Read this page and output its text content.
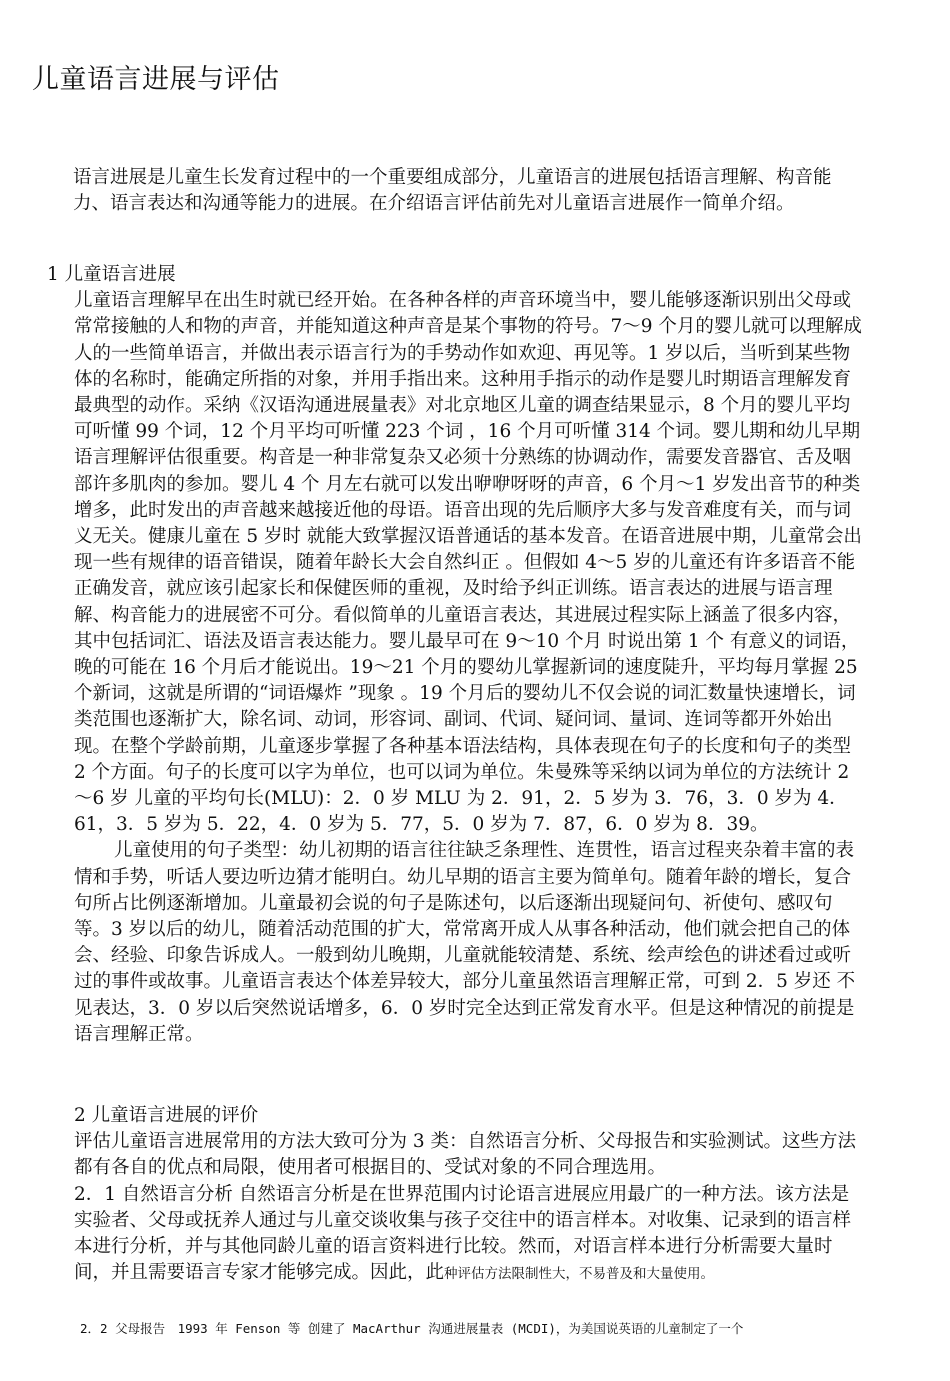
儿童语言进展与评估

语言进展是儿童生长发育过程中的一个重要组成部分，儿童语言的进展包括语言理解、构音能力、语言表达和沟通等能力的进展。在介绍语言评估前先对儿童语言进展作一简单介绍。

1 儿童语言进展

儿童语言理解早在出生时就已经开始。在各种各样的声音环境当中，婴儿能够逐渐识别出父母或常常接触的人和物的声音，并能知道这种声音是某个事物的符号。7～9 个月的婴儿就可以理解成人的一些简单语言，并做出表示语言行为的手势动作如欢迎、再见等。1 岁以后，当听到某些物体的名称时，能确定所指的对象，并用手指出来。这种用手指示的动作是婴儿时期语言理解发育最典型的动作。采纳《汉语沟通进展量表》对北京地区儿童的调查结果显示，8 个月的婴儿平均可听懂 99 个词，12 个月平均可听懂 223 个词 ，16 个月可听懂 314 个词。婴儿期和幼儿早期语言理解评估很重要。构音是一种非常复杂又必须十分熟练的协调动作，需要发音器官、舌及咽部许多肌肉的参加。婴儿 4 个 月左右就可以发出咿咿呀呀的声音，6 个月～1 岁发出音节的种类增多，此时发出的声音越来越接近他的母语。语音出现的先后顺序大多与发音难度有关，而与词义无关。健康儿童在 5 岁时 就能大致掌握汉语普通话的基本发音。在语音进展中期，儿童常会出现一些有规律的语音错误，随着年龄长大会自然纠正 。但假如 4～5 岁的儿童还有许多语音不能正确发音，就应该引起家长和保健医师的重视，及时给予纠正训练。语言表达的进展与语言理解、构音能力的进展密不可分。看似简单的儿童语言表达，其进展过程实际上涵盖了很多内容，其中包括词汇、语法及语言表达能力。婴儿最早可在 9～10 个月 时说出第 1 个 有意义的词语，晚的可能在 16 个月后才能说出。19～21 个月的婴幼儿掌握新词的速度陡升，平均每月掌握 25 个新词，这就是所谓的“词语爆炸 ”现象 。19 个月后的婴幼儿不仅会说的词汇数量快速增长，词类范围也逐渐扩大，除名词、动词，形容词、副词、代词、疑问词、量词、连词等都开外始出现。在整个学龄前期，儿童逐步掌握了各种基本语法结构，具体表现在句子的长度和句子的类型 2 个方面。句子的长度可以字为单位，也可以词为单位。朱曼殊等采纳以词为单位的方法统计 2～6 岁 儿童的平均句长(MLU)：2．0 岁 MLU 为 2．91，2．5 岁为 3．76，3．0 岁为 4．61，3．5 岁为 5．22，4．0 岁为 5．77，5．0 岁为 7．87，6．0 岁为 8．39。

儿童使用的句子类型：幼儿初期的语言往往缺乏条理性、连贯性，语言过程夹杂着丰富的表情和手势，听话人要边听边猜才能明白。幼儿早期的语言主要为简单句。随着年龄的增长，复合句所占比例逐渐增加。儿童最初会说的句子是陈述句，以后逐渐出现疑问句、祈使句、感叹句等。3 岁以后的幼儿，随着活动范围的扩大，常常离开成人从事各种活动，他们就会把自己的体会、经验、印象告诉成人。一般到幼儿晚期，儿童就能较清楚、系统、绘声绘色的讲述看过或听过的事件或故事。儿童语言表达个体差异较大，部分儿童虽然语言理解正常，可到 2．5 岁还 不见表达，3．0 岁以后突然说话增多，6．0 岁时完全达到正常发育水平。但是这种情况的前提是语言理解正常。

2 儿童语言进展的评价

评估儿童语言进展常用的方法大致可分为 3 类：自然语言分析、父母报告和实验测试。这些方法都有各自的优点和局限，使用者可根据目的、受试对象的不同合理选用。

2．1 自然语言分析 自然语言分析是在世界范围内讨论语言进展应用最广的一种方法。该方法是实验者、父母或抚养人通过与儿童交谈收集与孩子交往中的语言样本。对收集、记录到的语言样本进行分析，并与其他同龄儿童的语言资料进行比较。然而，对语言样本进行分析需要大量时间，并且需要语言专家才能够完成。因此，此种评估方法限制性大，不易普及和大量使用。

2．2 父母报告　1993 年 Fenson 等 创建了 MacArthur 沟通进展量表 (MCDI)，为美国说英语的儿童制定了一个
